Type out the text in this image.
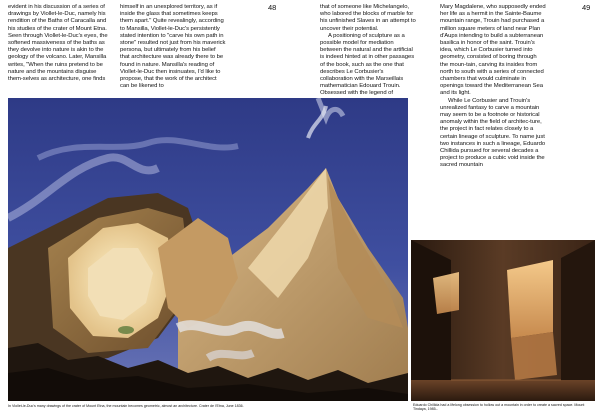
evident in his discussion of a series of drawings by Viollet-le-Duc, namely his rendition of the Baths of Caracalla and his studies of the crater of Mount Etna. Seen through Viollet-le-Duc's eyes, the softened massiveness of the baths as they devolve into nature is akin to the geology of the volcano. Later, Mansilla writes, "When the ruins pretend to be nature and the mountains disguise them-selves as architecture, one finds

himself in an unexplored territory, as if inside the glass that sometimes keeps them apart." Quite revealingly, according to Mansilla, Viollet-le-Duc's persistently stated intention to "carve his own path in stone" resulted not just from his maverick persona, but ultimately from his belief that architecture was already there to be found in nature. Mansilla's reading of Viollet-le-Duc then insinuates, I'd like to propose, that the work of the architect can be likened to

48	that of someone like Michelangelo, who labored the blocks of marble for his unfinished Slaves in an attempt to uncover their potential.

A positioning of sculpture as a possible model for mediation between the natural and the artificial is indeed hinted at in other passages of the book, such as the one that describes Le Corbusier's collaboration with the Marseillais mathematician Edouard Trouin. Obsessed with the legend of

In Viollet-le-Duc's many drawings of the crater of Mount Etna, the mountain becomes geometric, almost an architecture. Crater de l'Etna, June 1836.

Mary Magdalene, who supposedly ended her life as a hermit in the Sainte-Baume mountain range, Trouin had purchased a million square meters of land near Plan d'Aups intending to build a subterranean basilica in honor of the saint. Trouin's idea, which Le Corbusier turned into geometry, consisted of boring through the moun-tain, carving its insides from north to south with a series of connected chambers that would culminate in openings toward the Mediterranean Sea and its light.

While Le Corbusier and Trouin's unrealized fantasy to carve a mountain may seem to be a footnote or historical anomaly within the field of architec-ture, the project in fact relates closely to a certain lineage of sculpture. To name just two instances in such a lineage, Eduardo Chillida pursued for several decades a project to produce a cubic void inside the sacred mountain

49
Eduardo Chillida had a lifelong obsession to hollow out a mountain in order to create a sacred space. Mount Tindaya, 1985-.
